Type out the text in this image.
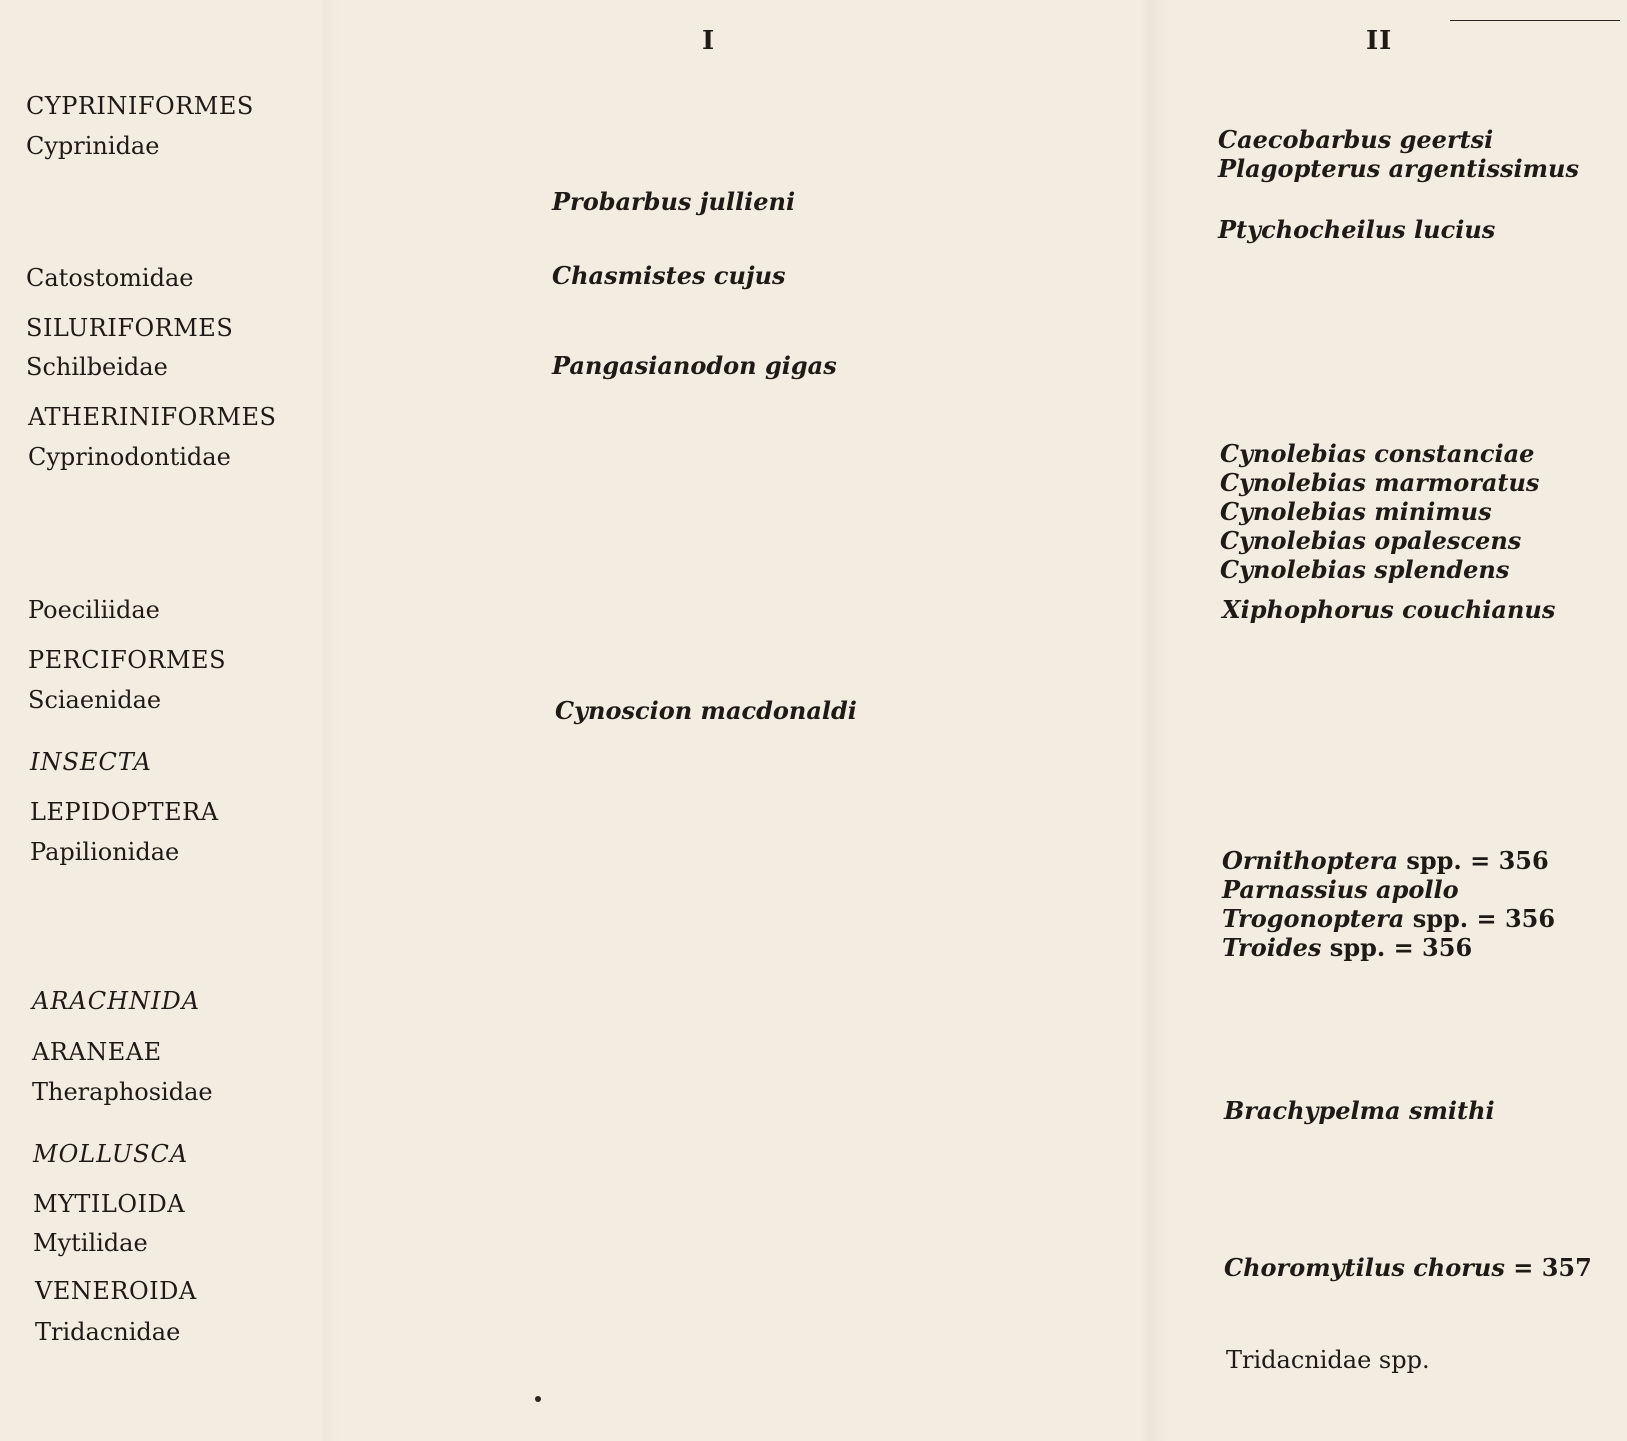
I	II
CYPRINIFORMES
Cyprinidae
Catostomidae
SILURIFORMES
Schilbeidae
ATHERINIFORMES
Cyprinodontidae
Poeciliidae
PERCIFORMES
Sciaenidae
INSECTA
LEPIDOPTERA
Papilionidae
ARACHNIDA
ARANEAE
Theraphosidae
MOLLUSCA
MYTILOIDA
Mytilidae
VENEROIDA
Tridacnidae
Probarbus jullieni
Chasmistes cujus
Pangasianodon gigas
Cynoscion macdonaldi
Caecobarbus geertsi
Plagopterus argentissimus
Ptychocheilus lucius
Cynolebias constanciae
Cynolebias marmoratus
Cynolebias minimus
Cynolebias opalescens
Cynolebias splendens
Xiphophorus couchianus
Ornithoptera spp. = 356
Parnassius apollo
Trogonoptera spp. = 356
Troides spp. = 356
Brachypelma smithi
Choromytilus chorus = 357
Tridacnidae spp.
